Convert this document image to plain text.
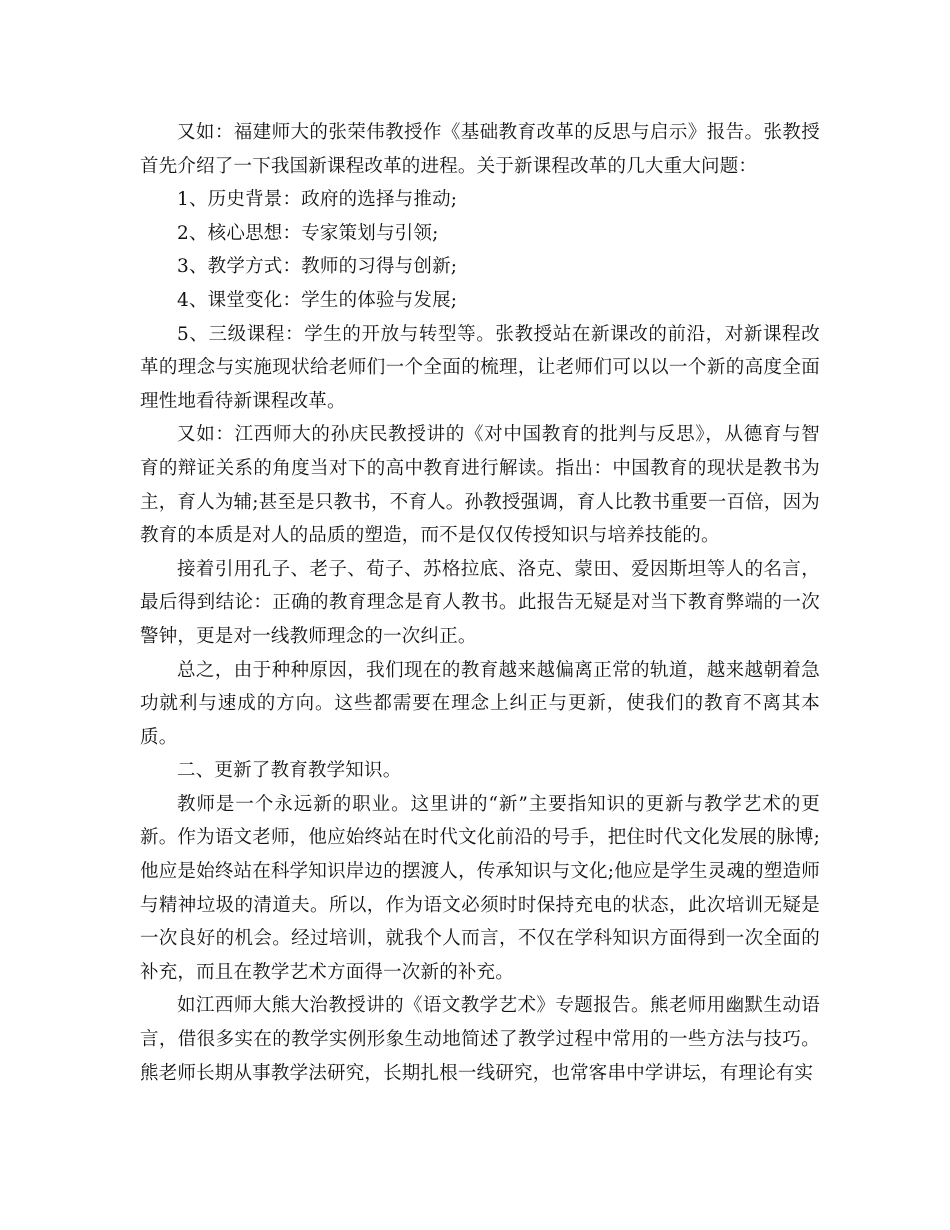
又如：福建师大的张荣伟教授作《基础教育改革的反思与启示》报告。张教授首先介绍了一下我国新课程改革的进程。关于新课程改革的几大重大问题：

1、历史背景：政府的选择与推动;

2、核心思想：专家策划与引领;

3、教学方式：教师的习得与创新;

4、课堂变化：学生的体验与发展;

5、三级课程：学生的开放与转型等。张教授站在新课改的前沿，对新课程改革的理念与实施现状给老师们一个全面的梳理，让老师们可以以一个新的高度全面理性地看待新课程改革。

又如：江西师大的孙庆民教授讲的《对中国教育的批判与反思》，从德育与智育的辩证关系的角度当对下的高中教育进行解读。指出：中国教育的现状是教书为主，育人为辅;甚至是只教书，不育人。孙教授强调，育人比教书重要一百倍，因为教育的本质是对人的品质的塑造，而不是仅仅传授知识与培养技能的。

接着引用孔子、老子、荀子、苏格拉底、洛克、蒙田、爱因斯坦等人的名言，最后得到结论：正确的教育理念是育人教书。此报告无疑是对当下教育弊端的一次警钟，更是对一线教师理念的一次纠正。

总之，由于种种原因，我们现在的教育越来越偏离正常的轨道，越来越朝着急功就利与速成的方向。这些都需要在理念上纠正与更新，使我们的教育不离其本质。

二、更新了教育教学知识。

教师是一个永远新的职业。这里讲的“新”主要指知识的更新与教学艺术的更新。作为语文老师，他应始终站在时代文化前沿的号手，把住时代文化发展的脉博;他应是始终站在科学知识岸边的摆渡人，传承知识与文化;他应是学生灵魂的塑造师与精神垃圾的清道夫。所以，作为语文必须时时保持充电的状态，此次培训无疑是一次良好的机会。经过培训，就我个人而言，不仅在学科知识方面得到一次全面的补充，而且在教学艺术方面得一次新的补充。

如江西师大熊大治教授讲的《语文教学艺术》专题报告。熊老师用幽默生动语言，借很多实在的教学实例形象生动地简述了教学过程中常用的一些方法与技巧。熊老师长期从事教学法研究，长期扎根一线研究，也常客串中学讲坛，有理论有实
